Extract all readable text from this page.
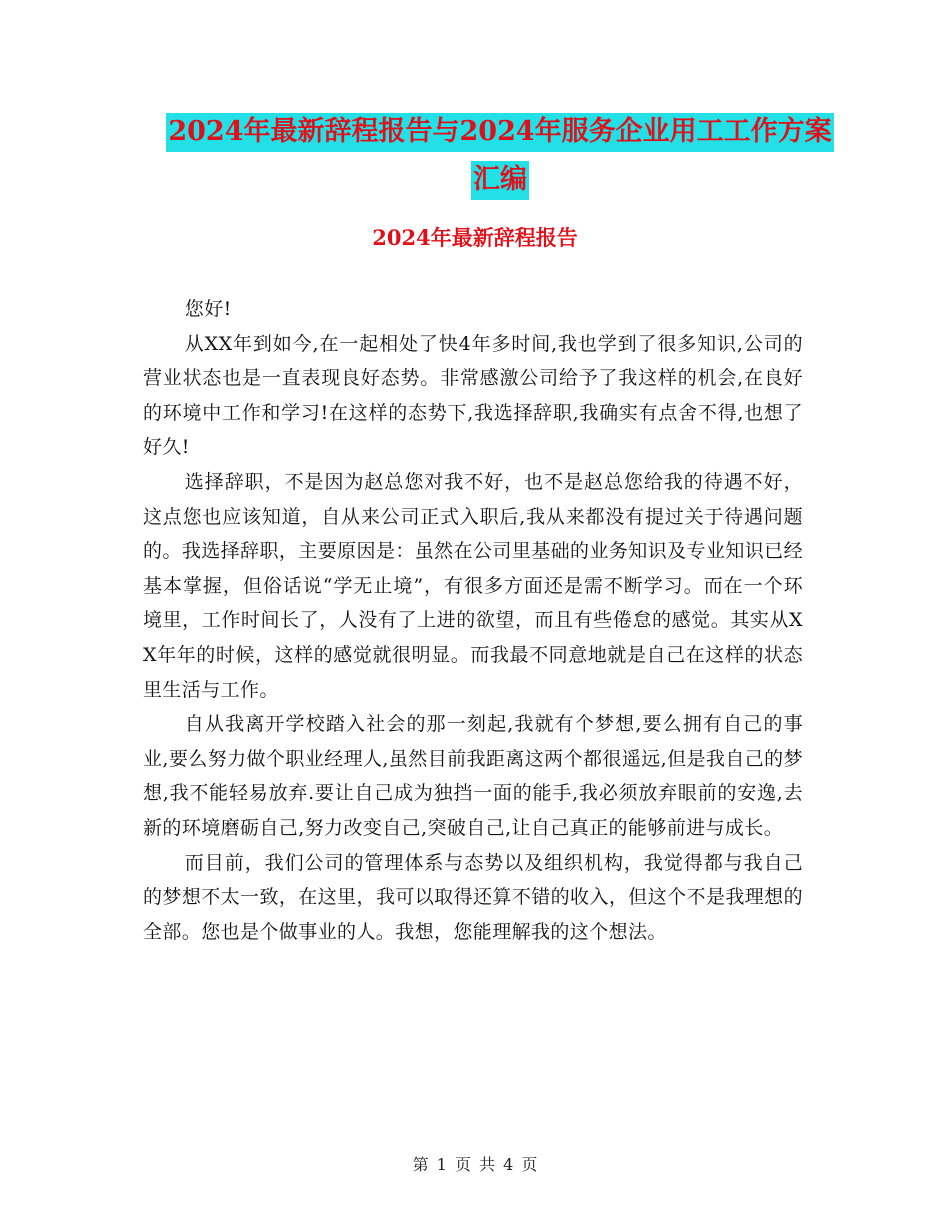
2024年最新辞程报告与2024年服务企业用工工作方案
汇编
2024年最新辞程报告

您好!

从XX年到如今,在一起相处了快4年多时间,我也学到了很多知识,公司的营业状态也是一直表现良好态势。非常感激公司给予了我这样的机会,在良好的环境中工作和学习!在这样的态势下,我选择辞职,我确实有点舍不得,也想了好久!

选择辞职，不是因为赵总您对我不好，也不是赵总您给我的待遇不好，这点您也应该知道，自从来公司正式入职后,我从来都没有提过关于待遇问题的。我选择辞职，主要原因是：虽然在公司里基础的业务知识及专业知识已经基本掌握，但俗话说“学无止境”，有很多方面还是需不断学习。而在一个环境里，工作时间长了，人没有了上进的欲望，而且有些倦怠的感觉。其实从XX年年的时候，这样的感觉就很明显。而我最不同意地就是自己在这样的状态里生活与工作。

自从我离开学校踏入社会的那一刻起,我就有个梦想,要么拥有自己的事业,要么努力做个职业经理人,虽然目前我距离这两个都很遥远,但是我自己的梦想,我不能轻易放弃.要让自己成为独挡一面的能手,我必须放弃眼前的安逸,去新的环境磨砺自己,努力改变自己,突破自己,让自己真正的能够前进与成长。

而目前，我们公司的管理体系与态势以及组织机构，我觉得都与我自己的梦想不太一致，在这里，我可以取得还算不错的收入，但这个不是我理想的全部。您也是个做事业的人。我想，您能理解我的这个想法。

第 1 页 共 4 页
